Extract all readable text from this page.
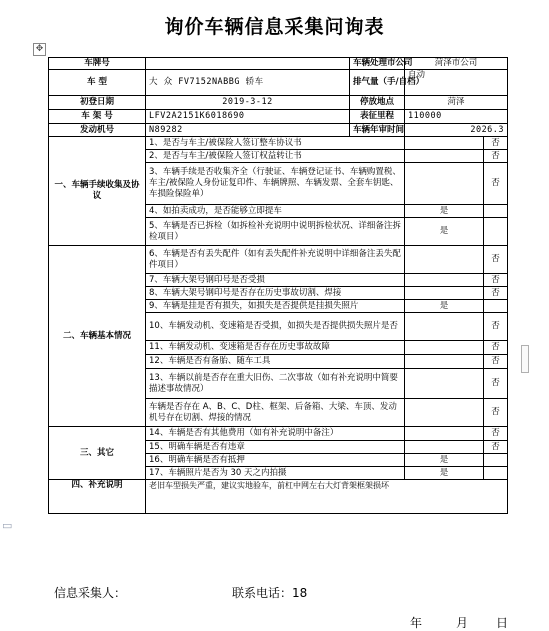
询价车辆信息采集问询表
✥
▭
车牌号		车辆处理市公司	菏泽市公司	
车 型	大 众 FV7152NABBG 轿车	排气量（手/自档）	自动	
初登日期	2019-3-12	停放地点	菏泽	
车 架 号	LFV2A2151K6018690	表征里程	110000	
发动机号	N89282	车辆年审时间	2026.3	
一、车辆手续收集及协议	1、是否与车主/被保险人签订整车协议书			否
	2、是否与车主/被保险人签订权益转让书			否
	3、车辆手续是否收集齐全（行驶证、车辆登记证书、车辆购置税、车主/被保险人身份证复印件、车辆牌照、车辆发票、全套车钥匙、车损险保险单）			否
	4、如拍卖成功，是否能够立即提车		是	
	5、车辆是否已拆检（如拆检补充说明中说明拆检状况、详细备注拆检项目）		是	
二、车辆基本情况	6、车辆是否有丢失配件（如有丢失配件补充说明中详细备注丢失配件项目）			否
	7、车辆大架号钢印号是否受损			否
	8、车辆大架号钢印号是否存在历史事故切割、焊接			否
	9、车辆是挂是否有损失，如损失是否提供是挂损失照片		是	
	10、车辆发动机、变速箱是否受损，如损失是否提供损失照片是否			否
	11、车辆发动机、变速箱是否存在历史事故故障			否
	12、车辆是否有备胎、随车工具			否
	13、车辆以前是否存在重大旧伤、二次事故（如有补充说明中简要描述事故情况）			否
	车辆是否存在 A、B、C、D柱、框架、后备箱、大梁、车顶、发动机号存在切割、焊接的情况			否
三、其它	14、车辆是否有其他费用（如有补充说明中备注）			否
	15、明确车辆是否有违章			否
	16、明确车辆是否有抵押		是	
	17、车辆照片是否为 30 天之内拍摄		是	
四、补充说明	老旧车型损失严重，建议实地验车，前杠中网左右大灯背架框架损坏			
信息采集人：	联系电话：18
年	月 日
